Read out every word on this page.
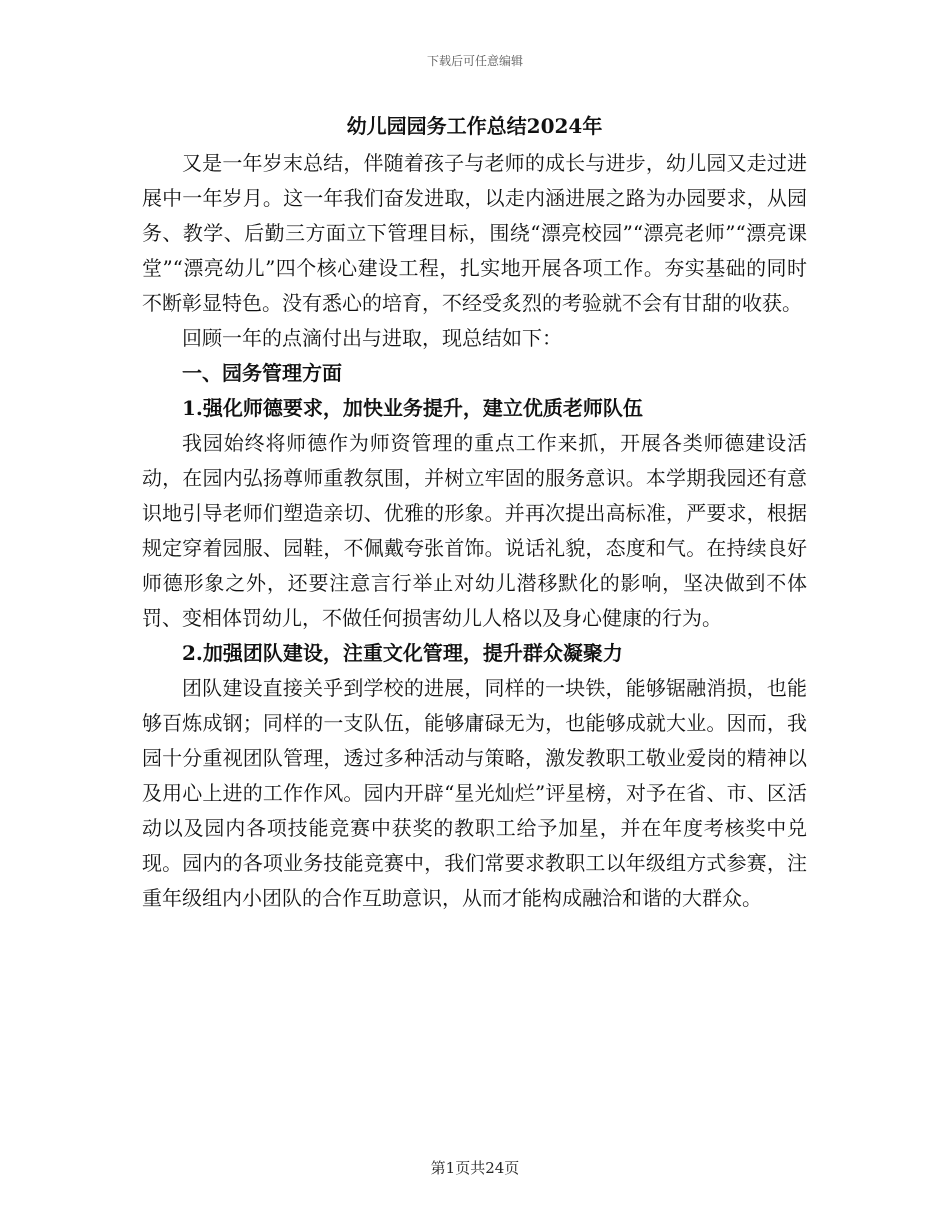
下载后可任意编辑
幼儿园园务工作总结2024年

又是一年岁末总结，伴随着孩子与老师的成长与进步，幼儿园又走过进展中一年岁月。这一年我们奋发进取，以走内涵进展之路为办园要求，从园务、教学、后勤三方面立下管理目标，围绕“漂亮校园”“漂亮老师”“漂亮课堂”“漂亮幼儿”四个核心建设工程，扎实地开展各项工作。夯实基础的同时不断彰显特色。没有悉心的培育，不经受炙烈的考验就不会有甘甜的收获。

回顾一年的点滴付出与进取，现总结如下：

一、园务管理方面

1.强化师德要求，加快业务提升，建立优质老师队伍

我园始终将师德作为师资管理的重点工作来抓，开展各类师德建设活动，在园内弘扬尊师重教氛围，并树立牢固的服务意识。本学期我园还有意识地引导老师们塑造亲切、优雅的形象。并再次提出高标准，严要求，根据规定穿着园服、园鞋，不佩戴夸张首饰。说话礼貌，态度和气。在持续良好师德形象之外，还要注意言行举止对幼儿潜移默化的影响，坚决做到不体罚、变相体罚幼儿，不做任何损害幼儿人格以及身心健康的行为。

2.加强团队建设，注重文化管理，提升群众凝聚力

团队建设直接关乎到学校的进展，同样的一块铁，能够锯融消损，也能够百炼成钢；同样的一支队伍，能够庸碌无为，也能够成就大业。因而，我园十分重视团队管理，透过多种活动与策略，激发教职工敬业爱岗的精神以及用心上进的工作作风。园内开辟“星光灿烂”评星榜，对予在省、市、区活动以及园内各项技能竞赛中获奖的教职工给予加星，并在年度考核奖中兑现。园内的各项业务技能竞赛中，我们常要求教职工以年级组方式参赛，注重年级组内小团队的合作互助意识，从而才能构成融洽和谐的大群众。

第1页共24页
